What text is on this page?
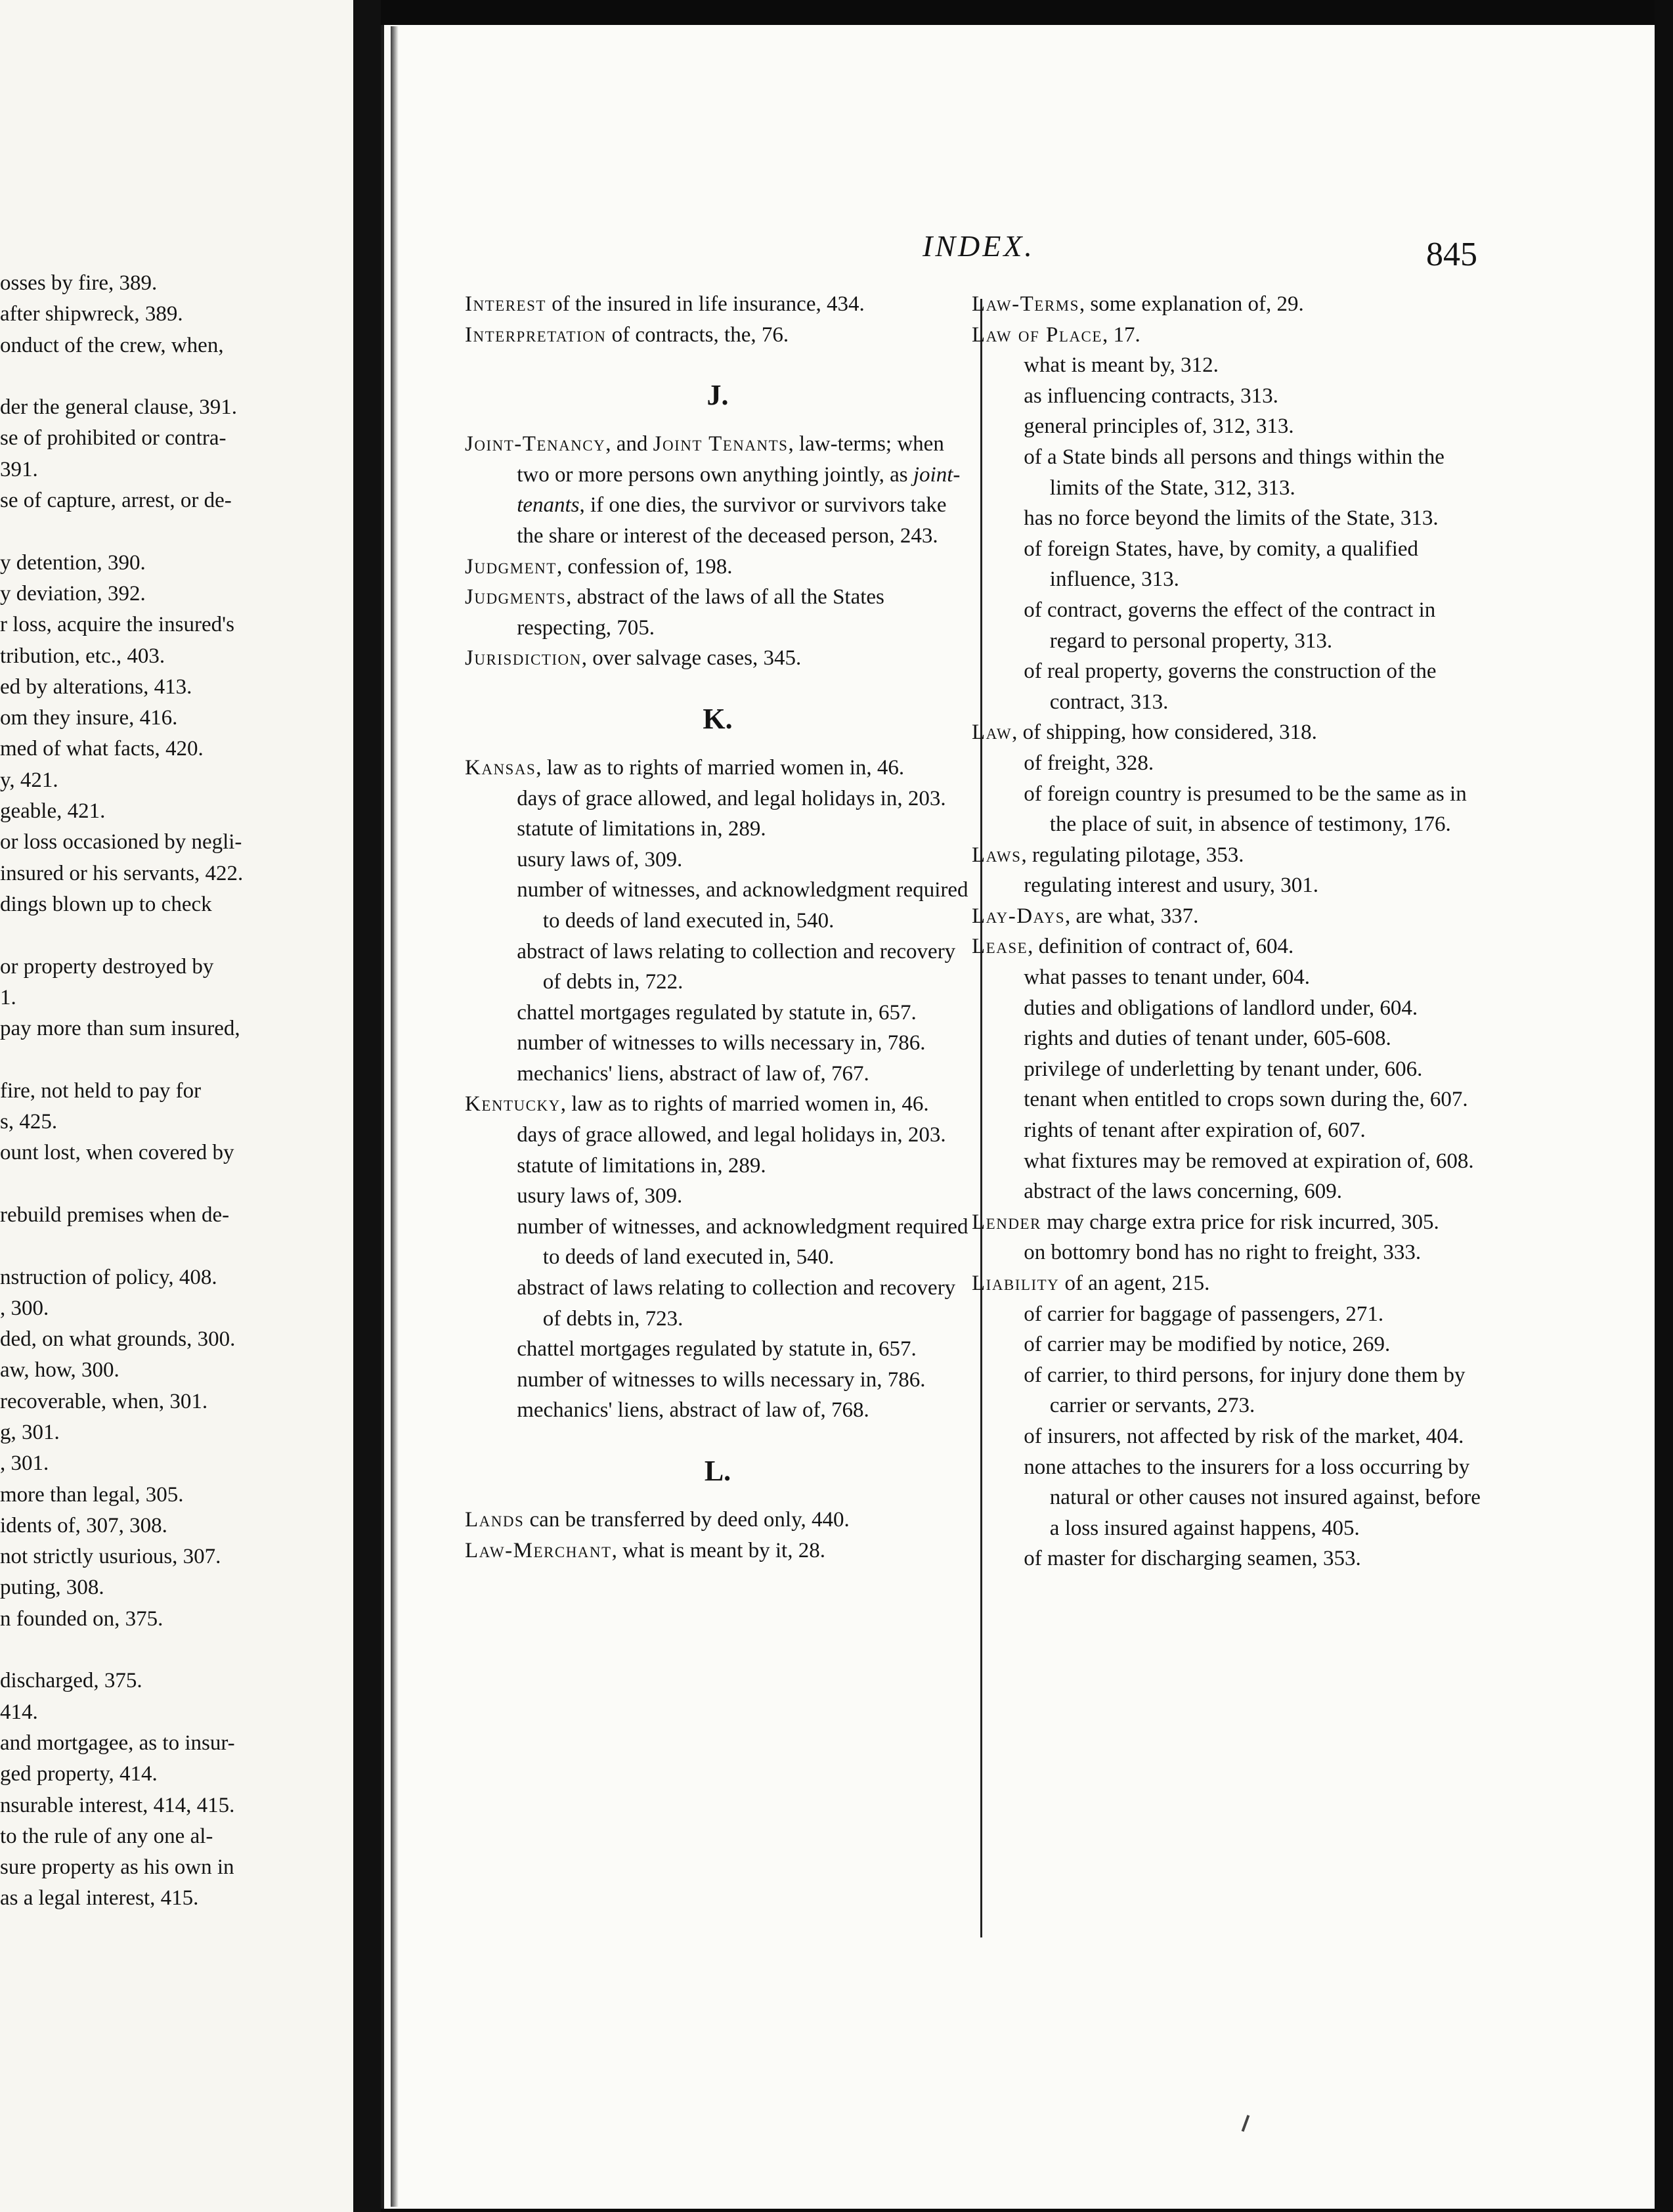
osses by fire, 389.
after shipwreck, 389.
onduct of the crew, when,
der the general clause, 391.
se of prohibited or contra-
391.
se of capture, arrest, or de-
y detention, 390.
y deviation, 392.
r loss, acquire the insured's
tribution, etc., 403.
ed by alterations, 413.
om they insure, 416.
med of what facts, 420.
y, 421.
geable, 421.
or loss occasioned by negli-
insured or his servants, 422.
dings blown up to check
or property destroyed by
1.
pay more than sum insured,
fire, not held to pay for
s, 425.
ount lost, when covered by
rebuild premises when de-
nstruction of policy, 408.
, 300.
ded, on what grounds, 300.
aw, how, 300.
recoverable, when, 301.
g, 301.
, 301.
more than legal, 305.
idents of, 307, 308.
not strictly usurious, 307.
puting, 308.
n founded on, 375.
discharged, 375.
414.
and mortgagee, as to insur-
ged property, 414.
nsurable interest, 414, 415.
to the rule of any one al-
sure property as his own in
as a legal interest, 415.
INDEX.	845
Interest of the insured in life insurance, 434.
Interpretation of contracts, the, 76.
J.
Joint-Tenancy, and Joint Tenants, law-terms; when two or more persons own anything jointly, as joint-tenants, if one dies, the survivor or survivors take the share or interest of the deceased person, 243.
Judgment, confession of, 198.
Judgments, abstract of the laws of all the States respecting, 705.
Jurisdiction, over salvage cases, 345.
K.
Kansas, law as to rights of married women in, 46.
days of grace allowed, and legal holidays in, 203.
statute of limitations in, 289.
usury laws of, 309.
number of witnesses, and acknowledgment required to deeds of land executed in, 540.
abstract of laws relating to collection and recovery of debts in, 722.
chattel mortgages regulated by statute in, 657.
number of witnesses to wills necessary in, 786.
mechanics' liens, abstract of law of, 767.
Kentucky, law as to rights of married women in, 46.
days of grace allowed, and legal holidays in, 203.
statute of limitations in, 289.
usury laws of, 309.
number of witnesses, and acknowledgment required to deeds of land executed in, 540.
abstract of laws relating to collection and recovery of debts in, 723.
chattel mortgages regulated by statute in, 657.
number of witnesses to wills necessary in, 786.
mechanics' liens, abstract of law of, 768.
L.
Lands can be transferred by deed only, 440.
Law-Merchant, what is meant by it, 28.
Law-Terms, some explanation of, 29.
Law of Place, 17.
what is meant by, 312.
as influencing contracts, 313.
general principles of, 312, 313.
of a State binds all persons and things within the limits of the State, 312, 313.
has no force beyond the limits of the State, 313.
of foreign States, have, by comity, a qualified influence, 313.
of contract, governs the effect of the contract in regard to personal property, 313.
of real property, governs the construction of the contract, 313.
Law, of shipping, how considered, 318.
of freight, 328.
of foreign country is presumed to be the same as in the place of suit, in absence of testimony, 176.
Laws, regulating pilotage, 353.
regulating interest and usury, 301.
Lay-Days, are what, 337.
Lease, definition of contract of, 604.
what passes to tenant under, 604.
duties and obligations of landlord under, 604.
rights and duties of tenant under, 605-608.
privilege of underletting by tenant under, 606.
tenant when entitled to crops sown during the, 607.
rights of tenant after expiration of, 607.
what fixtures may be removed at expiration of, 608.
abstract of the laws concerning, 609.
Lender may charge extra price for risk incurred, 305.
on bottomry bond has no right to freight, 333.
Liability of an agent, 215.
of carrier for baggage of passengers, 271.
of carrier may be modified by notice, 269.
of carrier, to third persons, for injury done them by carrier or servants, 273.
of insurers, not affected by risk of the market, 404.
none attaches to the insurers for a loss occurring by natural or other causes not insured against, before a loss insured against happens, 405.
of master for discharging seamen, 353.
